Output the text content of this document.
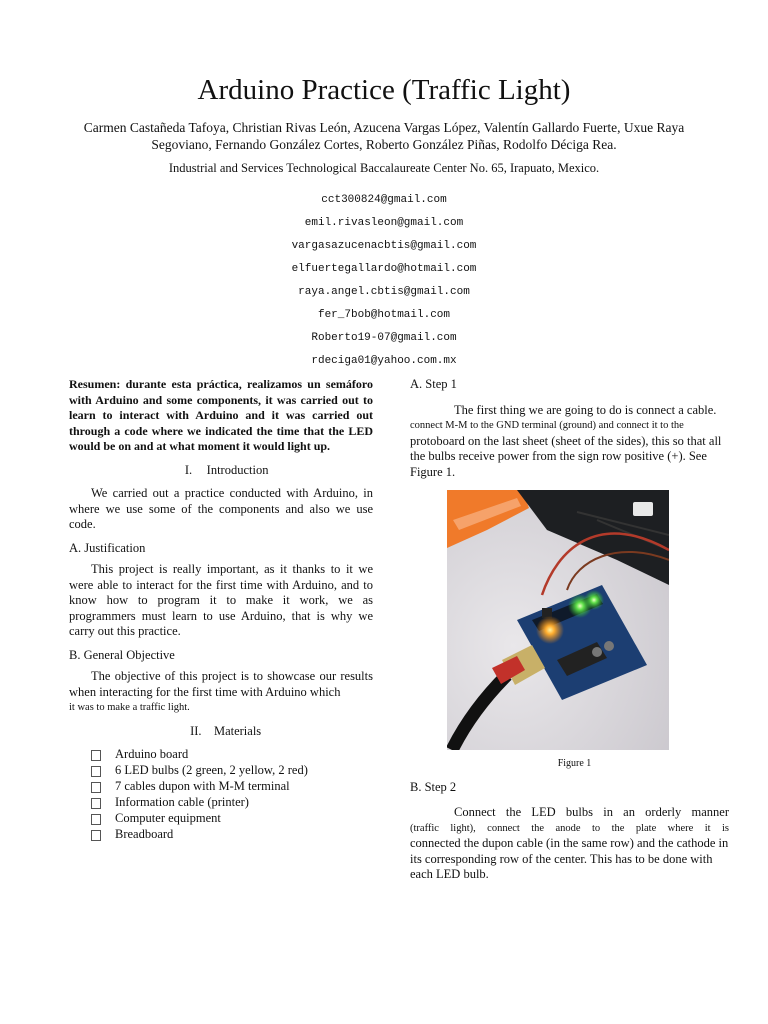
Arduino Practice (Traffic Light)
Carmen Castañeda Tafoya, Christian Rivas León, Azucena Vargas López, Valentín Gallardo Fuerte, Uxue Raya Segoviano, Fernando González Cortes, Roberto González Piñas, Rodolfo Déciga Rea.
Industrial and Services Technological Baccalaureate Center No. 65, Irapuato, Mexico.
cct300824@gmail.com
emil.rivasleon@gmail.com
vargasazucenacbtis@gmail.com
elfuertegallardo@hotmail.com
raya.angel.cbtis@gmail.com
fer_7bob@hotmail.com
Roberto19-07@gmail.com
rdeciga01@yahoo.com.mx

Resumen: durante esta práctica, realizamos un semáforo with Arduino and some components, it was carried out to learn to interact with Arduino and it was carried out through a code where we indicated the time that the LED would be on and at what moment it would light up.

I. Introduction

We carried out a practice conducted with Arduino, in where we use some of the components and also we use code.

A. Justification

This project is really important, as it thanks to it we were able to interact for the first time with Arduino, and to know how to program it to make it work, we as programmers must learn to use Arduino, that is why we carry out this practice.

B. General Objective

The objective of this project is to showcase our results when interacting for the first time with Arduino which

it was to make a traffic light.
II. Materials
Arduino board
6 LED bulbs (2 green, 2 yellow, 2 red)
7 cables dupon with M-M terminal
Information cable (printer)
Computer equipment
Breadboard
A. Step 1
The first thing we are going to do is connect a cable.
connect M-M to the GND terminal (ground) and connect it to the
protoboard on the last sheet (sheet of the sides), this so that all the bulbs receive power from the sign row positive (+). See Figure 1.
Figure 1
B. Step 2
Connect the LED bulbs in an orderly manner
(traffic light), connect the anode to the plate where it is
connected the dupon cable (in the same row) and the cathode in its corresponding row of the center. This has to be done with each LED bulb.
